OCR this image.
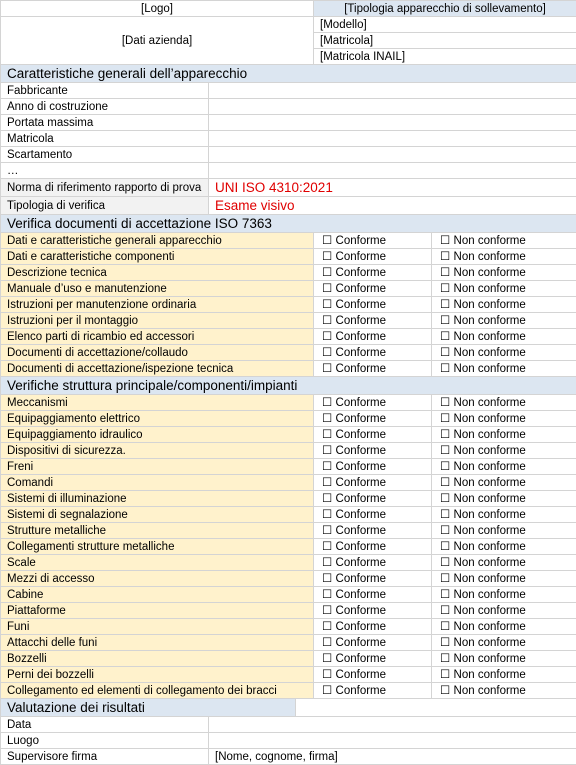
[Logo]			[Tipologia apparecchio di sollevamento]	
[Dati azienda]			[Modello]	
			[Matricola]	
			[Matricola INAIL]	
Caratteristiche generali dell’apparecchio				
Fabbricante				
Anno di costruzione				
Portata massima				
Matricola				
Scartamento				
…				
Norma di riferimento rapporto di prova	UNI ISO 4310:2021			
Tipologia di verifica	Esame visivo			
Verifica documenti di accettazione ISO 7363				
Dati e caratteristiche generali apparecchio			☐ Conforme	☐ Non conforme
Dati e caratteristiche componenti			☐ Conforme	☐ Non conforme
Descrizione tecnica			☐ Conforme	☐ Non conforme
Manuale d’uso e manutenzione			☐ Conforme	☐ Non conforme
Istruzioni per manutenzione ordinaria			☐ Conforme	☐ Non conforme
Istruzioni per il montaggio			☐ Conforme	☐ Non conforme
Elenco parti di ricambio ed accessori			☐ Conforme	☐ Non conforme
Documenti di accettazione/collaudo			☐ Conforme	☐ Non conforme
Documenti di accettazione/ispezione tecnica			☐ Conforme	☐ Non conforme
Verifiche struttura principale/componenti/impianti				
Meccanismi			☐ Conforme	☐ Non conforme
Equipaggiamento elettrico			☐ Conforme	☐ Non conforme
Equipaggiamento idraulico			☐ Conforme	☐ Non conforme
Dispositivi di sicurezza.			☐ Conforme	☐ Non conforme
Freni			☐ Conforme	☐ Non conforme
Comandi			☐ Conforme	☐ Non conforme
Sistemi di illuminazione			☐ Conforme	☐ Non conforme
Sistemi di segnalazione			☐ Conforme	☐ Non conforme
Strutture metalliche			☐ Conforme	☐ Non conforme
Collegamenti strutture metalliche			☐ Conforme	☐ Non conforme
Scale			☐ Conforme	☐ Non conforme
Mezzi di accesso			☐ Conforme	☐ Non conforme
Cabine			☐ Conforme	☐ Non conforme
Piattaforme			☐ Conforme	☐ Non conforme
Funi			☐ Conforme	☐ Non conforme
Attacchi delle funi			☐ Conforme	☐ Non conforme
Bozzelli			☐ Conforme	☐ Non conforme
Perni dei bozzelli			☐ Conforme	☐ Non conforme
Collegamento ed elementi di collegamento dei bracci			☐ Conforme	☐ Non conforme
Valutazione dei risultati				
Data				
Luogo				
Supervisore firma	[Nome, cognome, firma]			
